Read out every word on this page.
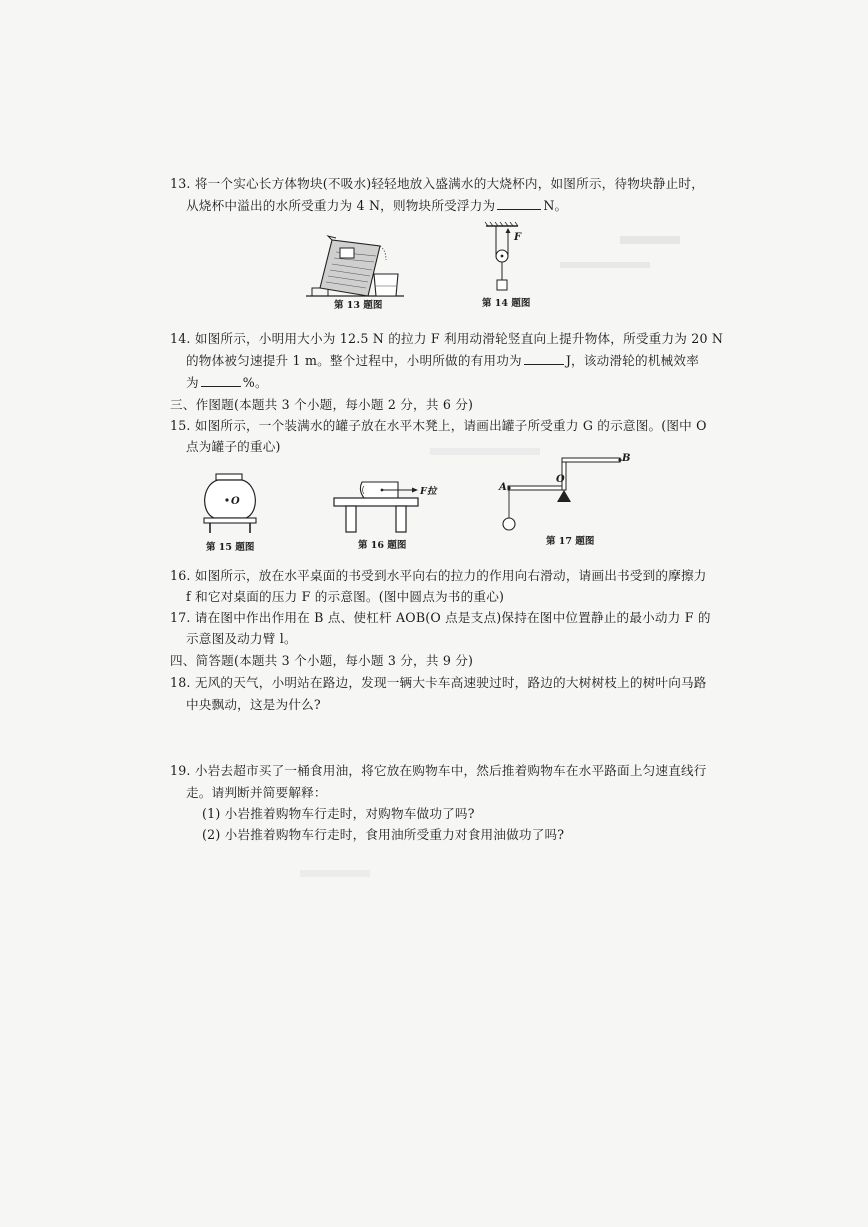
13. 将一个实心长方体物块(不吸水)轻轻地放入盛满水的大烧杯内，如图所示，待物块静止时，
从烧杯中溢出的水所受重力为 4 N，则物块所受浮力为	N。
第 13 题图
F
第 14 题图
14. 如图所示，小明用大小为 12.5 N 的拉力 F 利用动滑轮竖直向上提升物体，所受重力为 20 N
的物体被匀速提升 1 m。整个过程中，小明所做的有用功为	J，该动滑轮的机械效率
为	%。
三、作图题(本题共 3 个小题，每小题 2 分，共 6 分)
15. 如图所示，一个装满水的罐子放在水平木凳上，请画出罐子所受重力 G 的示意图。(图中 O
点为罐子的重心)
O
第 15 题图
F拉
第 16 题图
A
O
B
第 17 题图
16. 如图所示，放在水平桌面的书受到水平向右的拉力的作用向右滑动，请画出书受到的摩擦力
f 和它对桌面的压力 F 的示意图。(图中圆点为书的重心)
17. 请在图中作出作用在 B 点、使杠杆 AOB(O 点是支点)保持在图中位置静止的最小动力 F 的
示意图及动力臂 l。
四、简答题(本题共 3 个小题，每小题 3 分，共 9 分)
18. 无风的天气，小明站在路边，发现一辆大卡车高速驶过时，路边的大树树枝上的树叶向马路
中央飘动，这是为什么?
19. 小岩去超市买了一桶食用油，将它放在购物车中，然后推着购物车在水平路面上匀速直线行
走。请判断并简要解释：
(1) 小岩推着购物车行走时，对购物车做功了吗?
(2) 小岩推着购物车行走时，食用油所受重力对食用油做功了吗?
